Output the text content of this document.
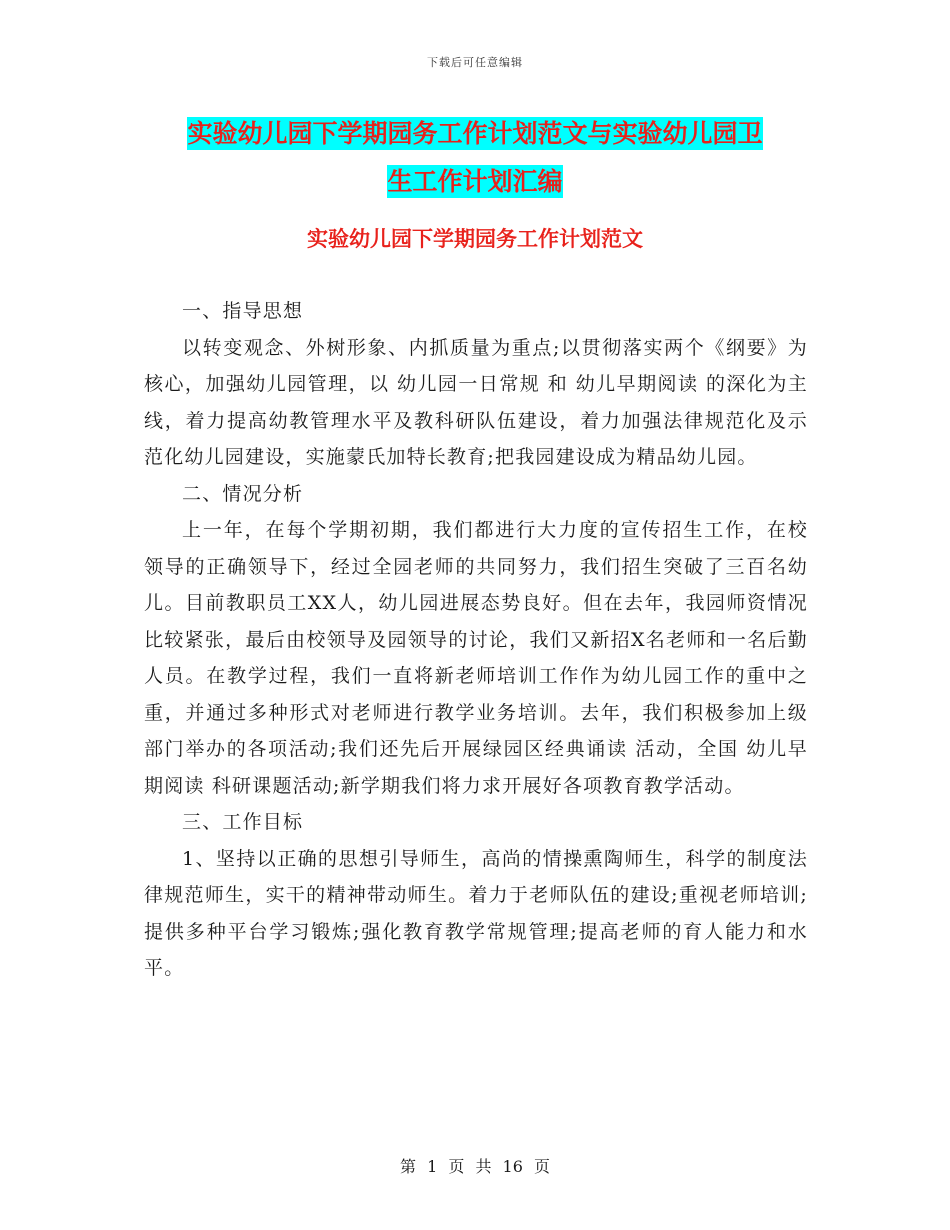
下载后可任意编辑
实验幼儿园下学期园务工作计划范文与实验幼儿园卫
生工作计划汇编
实验幼儿园下学期园务工作计划范文

一、指导思想

以转变观念、外树形象、内抓质量为重点;以贯彻落实两个《纲要》为核心，加强幼儿园管理，以 幼儿园一日常规 和 幼儿早期阅读 的深化为主线，着力提高幼教管理水平及教科研队伍建设，着力加强法律规范化及示范化幼儿园建设，实施蒙氏加特长教育;把我园建设成为精品幼儿园。

二、情况分析

上一年，在每个学期初期，我们都进行大力度的宣传招生工作，在校领导的正确领导下，经过全园老师的共同努力，我们招生突破了三百名幼儿。目前教职员工XX人，幼儿园进展态势良好。但在去年，我园师资情况比较紧张，最后由校领导及园领导的讨论，我们又新招X名老师和一名后勤人员。在教学过程，我们一直将新老师培训工作作为幼儿园工作的重中之重，并通过多种形式对老师进行教学业务培训。去年，我们积极参加上级部门举办的各项活动;我们还先后开展绿园区经典诵读 活动，全国 幼儿早期阅读 科研课题活动;新学期我们将力求开展好各项教育教学活动。

三、工作目标

1、坚持以正确的思想引导师生，高尚的情操熏陶师生，科学的制度法律规范师生，实干的精神带动师生。着力于老师队伍的建设;重视老师培训;提供多种平台学习锻炼;强化教育教学常规管理;提高老师的育人能力和水平。

第 1 页 共 16 页
